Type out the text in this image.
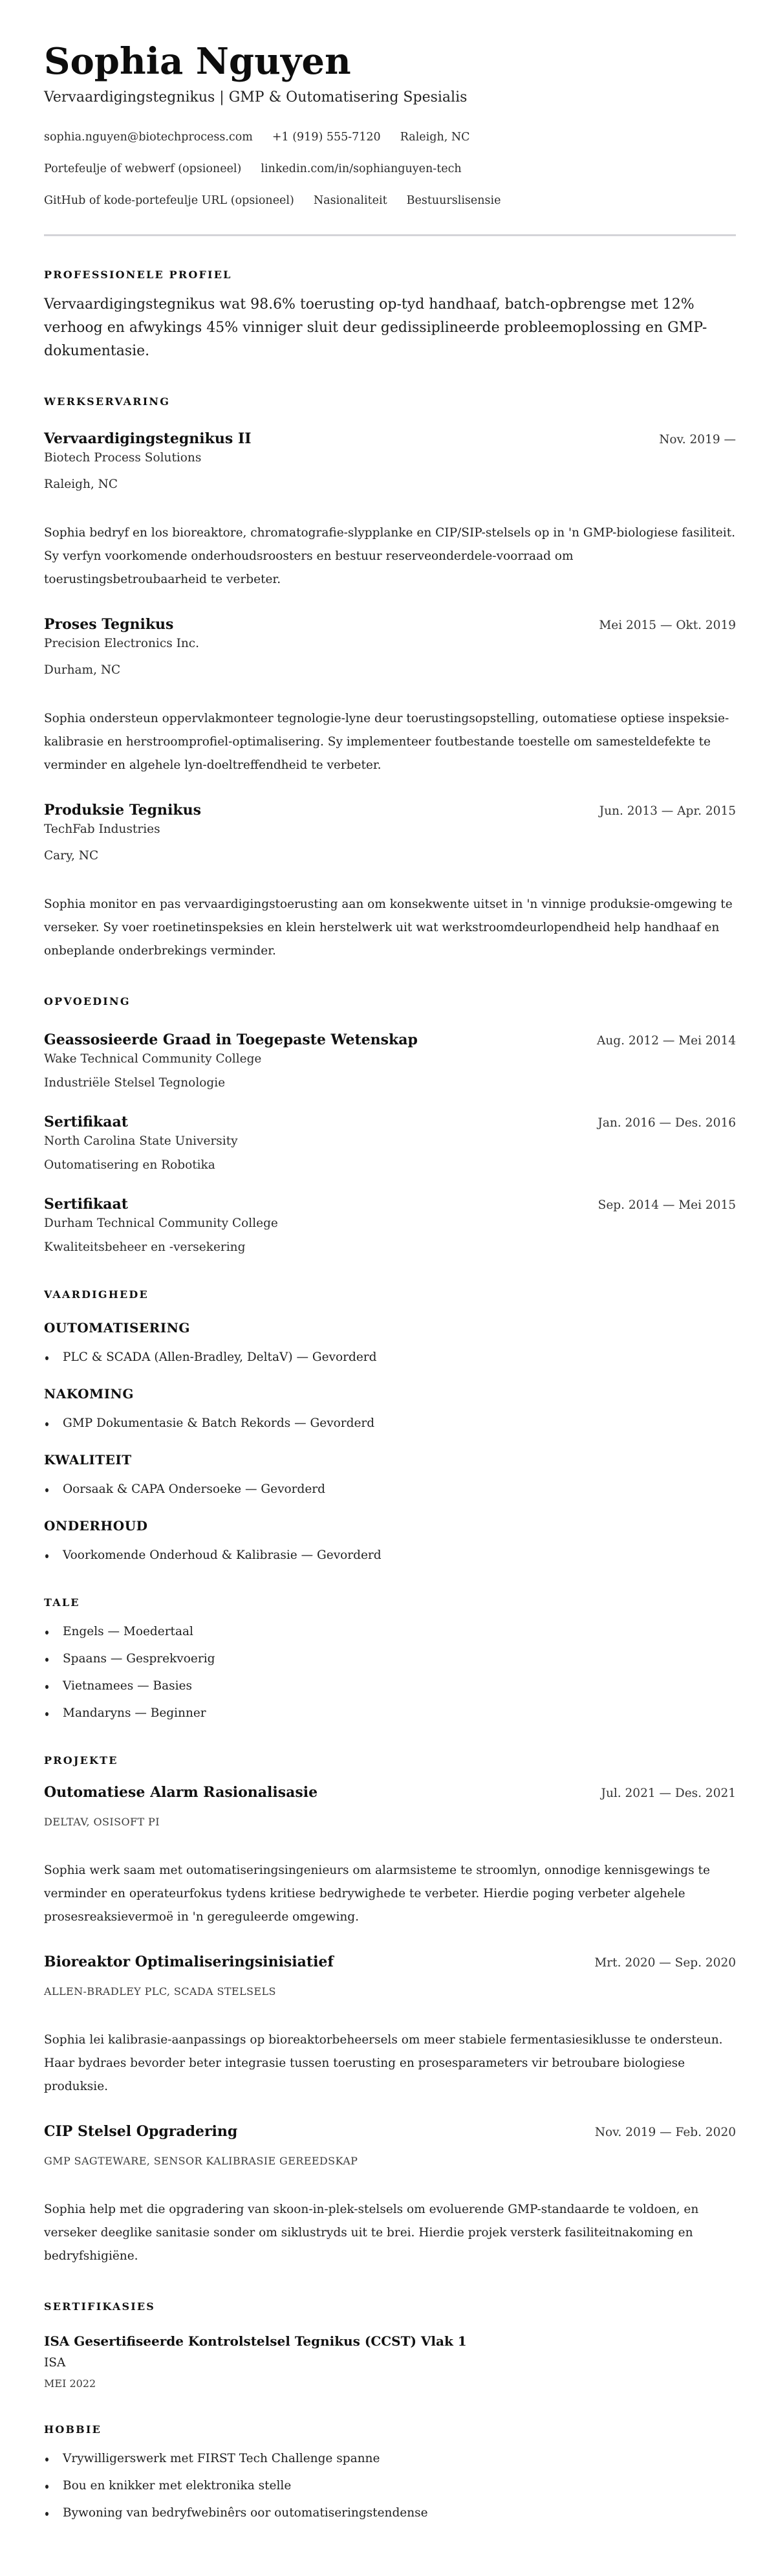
Sophia Nguyen
Vervaardigingstegnikus | GMP & Outomatisering Spesialis
sophia.nguyen@biotechprocess.com +1 (919) 555-7120 Raleigh, NC
Portefeulje of webwerf (opsioneel) linkedin.com/in/sophianguyen-tech
GitHub of kode-portefeulje URL (opsioneel) Nasionaliteit Bestuurslisensie
PROFESSIONELE PROFIEL

Vervaardigingstegnikus wat 98.6% toerusting op-tyd handhaaf, batch-opbrengse met 12% verhoog en afwykings 45% vinniger sluit deur gedissiplineerde probleemoplossing en GMP-dokumentasie.

WERKSERVARING
Vervaardigingstegnikus II	Nov. 2019 —
Biotech Process Solutions
Raleigh, NC

Sophia bedryf en los bioreaktore, chromatografie-slypplanke en CIP/SIP-stelsels op in 'n GMP-biologiese fasiliteit. Sy verfyn voorkomende onderhoudsroosters en bestuur reserveonderdele-voorraad om toerustingsbetroubaarheid te verbeter.

Proses Tegnikus	Mei 2015 — Okt. 2019
Precision Electronics Inc.
Durham, NC

Sophia ondersteun oppervlakmonteer tegnologie-lyne deur toerustingsopstelling, outomatiese optiese inspeksie-kalibrasie en herstroomprofiel-optimalisering. Sy implementeer foutbestande toestelle om samesteldefekte te verminder en algehele lyn-doeltreffendheid te verbeter.

Produksie Tegnikus	Jun. 2013 — Apr. 2015
TechFab Industries
Cary, NC

Sophia monitor en pas vervaardigingstoerusting aan om konsekwente uitset in 'n vinnige produksie-omgewing te verseker. Sy voer roetinetinspeksies en klein herstelwerk uit wat werkstroomdeurlopendheid help handhaaf en onbeplande onderbrekings verminder.

OPVOEDING
Geassosieerde Graad in Toegepaste Wetenskap	Aug. 2012 — Mei 2014
Wake Technical Community College
Industriële Stelsel Tegnologie
Sertifikaat	Jan. 2016 — Des. 2016
North Carolina State University
Outomatisering en Robotika
Sertifikaat	Sep. 2014 — Mei 2015
Durham Technical Community College
Kwaliteitsbeheer en -versekering
VAARDIGHEDE
OUTOMATISERING
PLC & SCADA (Allen-Bradley, DeltaV) — Gevorderd
NAKOMING
GMP Dokumentasie & Batch Rekords — Gevorderd
KWALITEIT
Oorsaak & CAPA Ondersoeke — Gevorderd
ONDERHOUD
Voorkomende Onderhoud & Kalibrasie — Gevorderd
TALE
Engels — Moedertaal
Spaans — Gesprekvoerig
Vietnamees — Basies
Mandaryns — Beginner
PROJEKTE
Outomatiese Alarm Rasionalisasie	Jul. 2021 — Des. 2021
DELTAV, OSISOFT PI

Sophia werk saam met outomatiseringsingenieurs om alarmsisteme te stroomlyn, onnodige kennisgewings te verminder en operateurfokus tydens kritiese bedrywighede te verbeter. Hierdie poging verbeter algehele prosesreaksievermoë in 'n gereguleerde omgewing.

Bioreaktor Optimaliseringsinisiatief	Mrt. 2020 — Sep. 2020
ALLEN-BRADLEY PLC, SCADA STELSELS

Sophia lei kalibrasie-aanpassings op bioreaktorbeheersels om meer stabiele fermentasiesiklusse te ondersteun. Haar bydraes bevorder beter integrasie tussen toerusting en prosesparameters vir betroubare biologiese produksie.

CIP Stelsel Opgradering	Nov. 2019 — Feb. 2020
GMP SAGTEWARE, SENSOR KALIBRASIE GEREEDSKAP

Sophia help met die opgradering van skoon-in-plek-stelsels om evoluerende GMP-standaarde te voldoen, en verseker deeglike sanitasie sonder om siklustryds uit te brei. Hierdie projek versterk fasiliteitnakoming en bedryfshigiëne.

SERTIFIKASIES
ISA Gesertifiseerde Kontrolstelsel Tegnikus (CCST) Vlak 1
ISA
MEI 2022
HOBBIE
Vrywilligerswerk met FIRST Tech Challenge spanne
Bou en knikker met elektronika stelle
Bywoning van bedryfwebinêrs oor outomatiseringstendense
